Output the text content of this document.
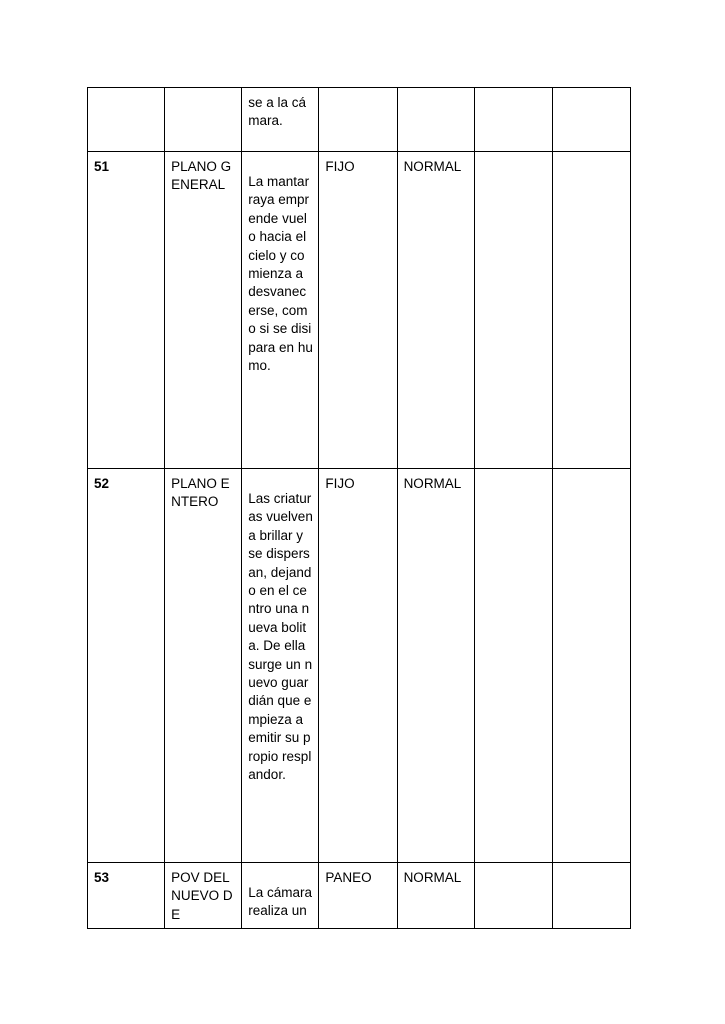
		se a la cámara.				

51	PLANO GENERAL	La mantarraya emprende vuelo hacia el cielo y comienza a desvanecerse, como si se disipara en humo.	FIJO	NORMAL		
52	PLANO ENTERO	Las criaturas vuelven a brillar y se dispersan, dejando en el centro una nueva bolita. De ella surge un nuevo guardián que empieza a emitir su propio resplandor.	FIJO	NORMAL		
53	POV DEL NUEVO DE	La cámara realiza un	PANEO	NORMAL		
